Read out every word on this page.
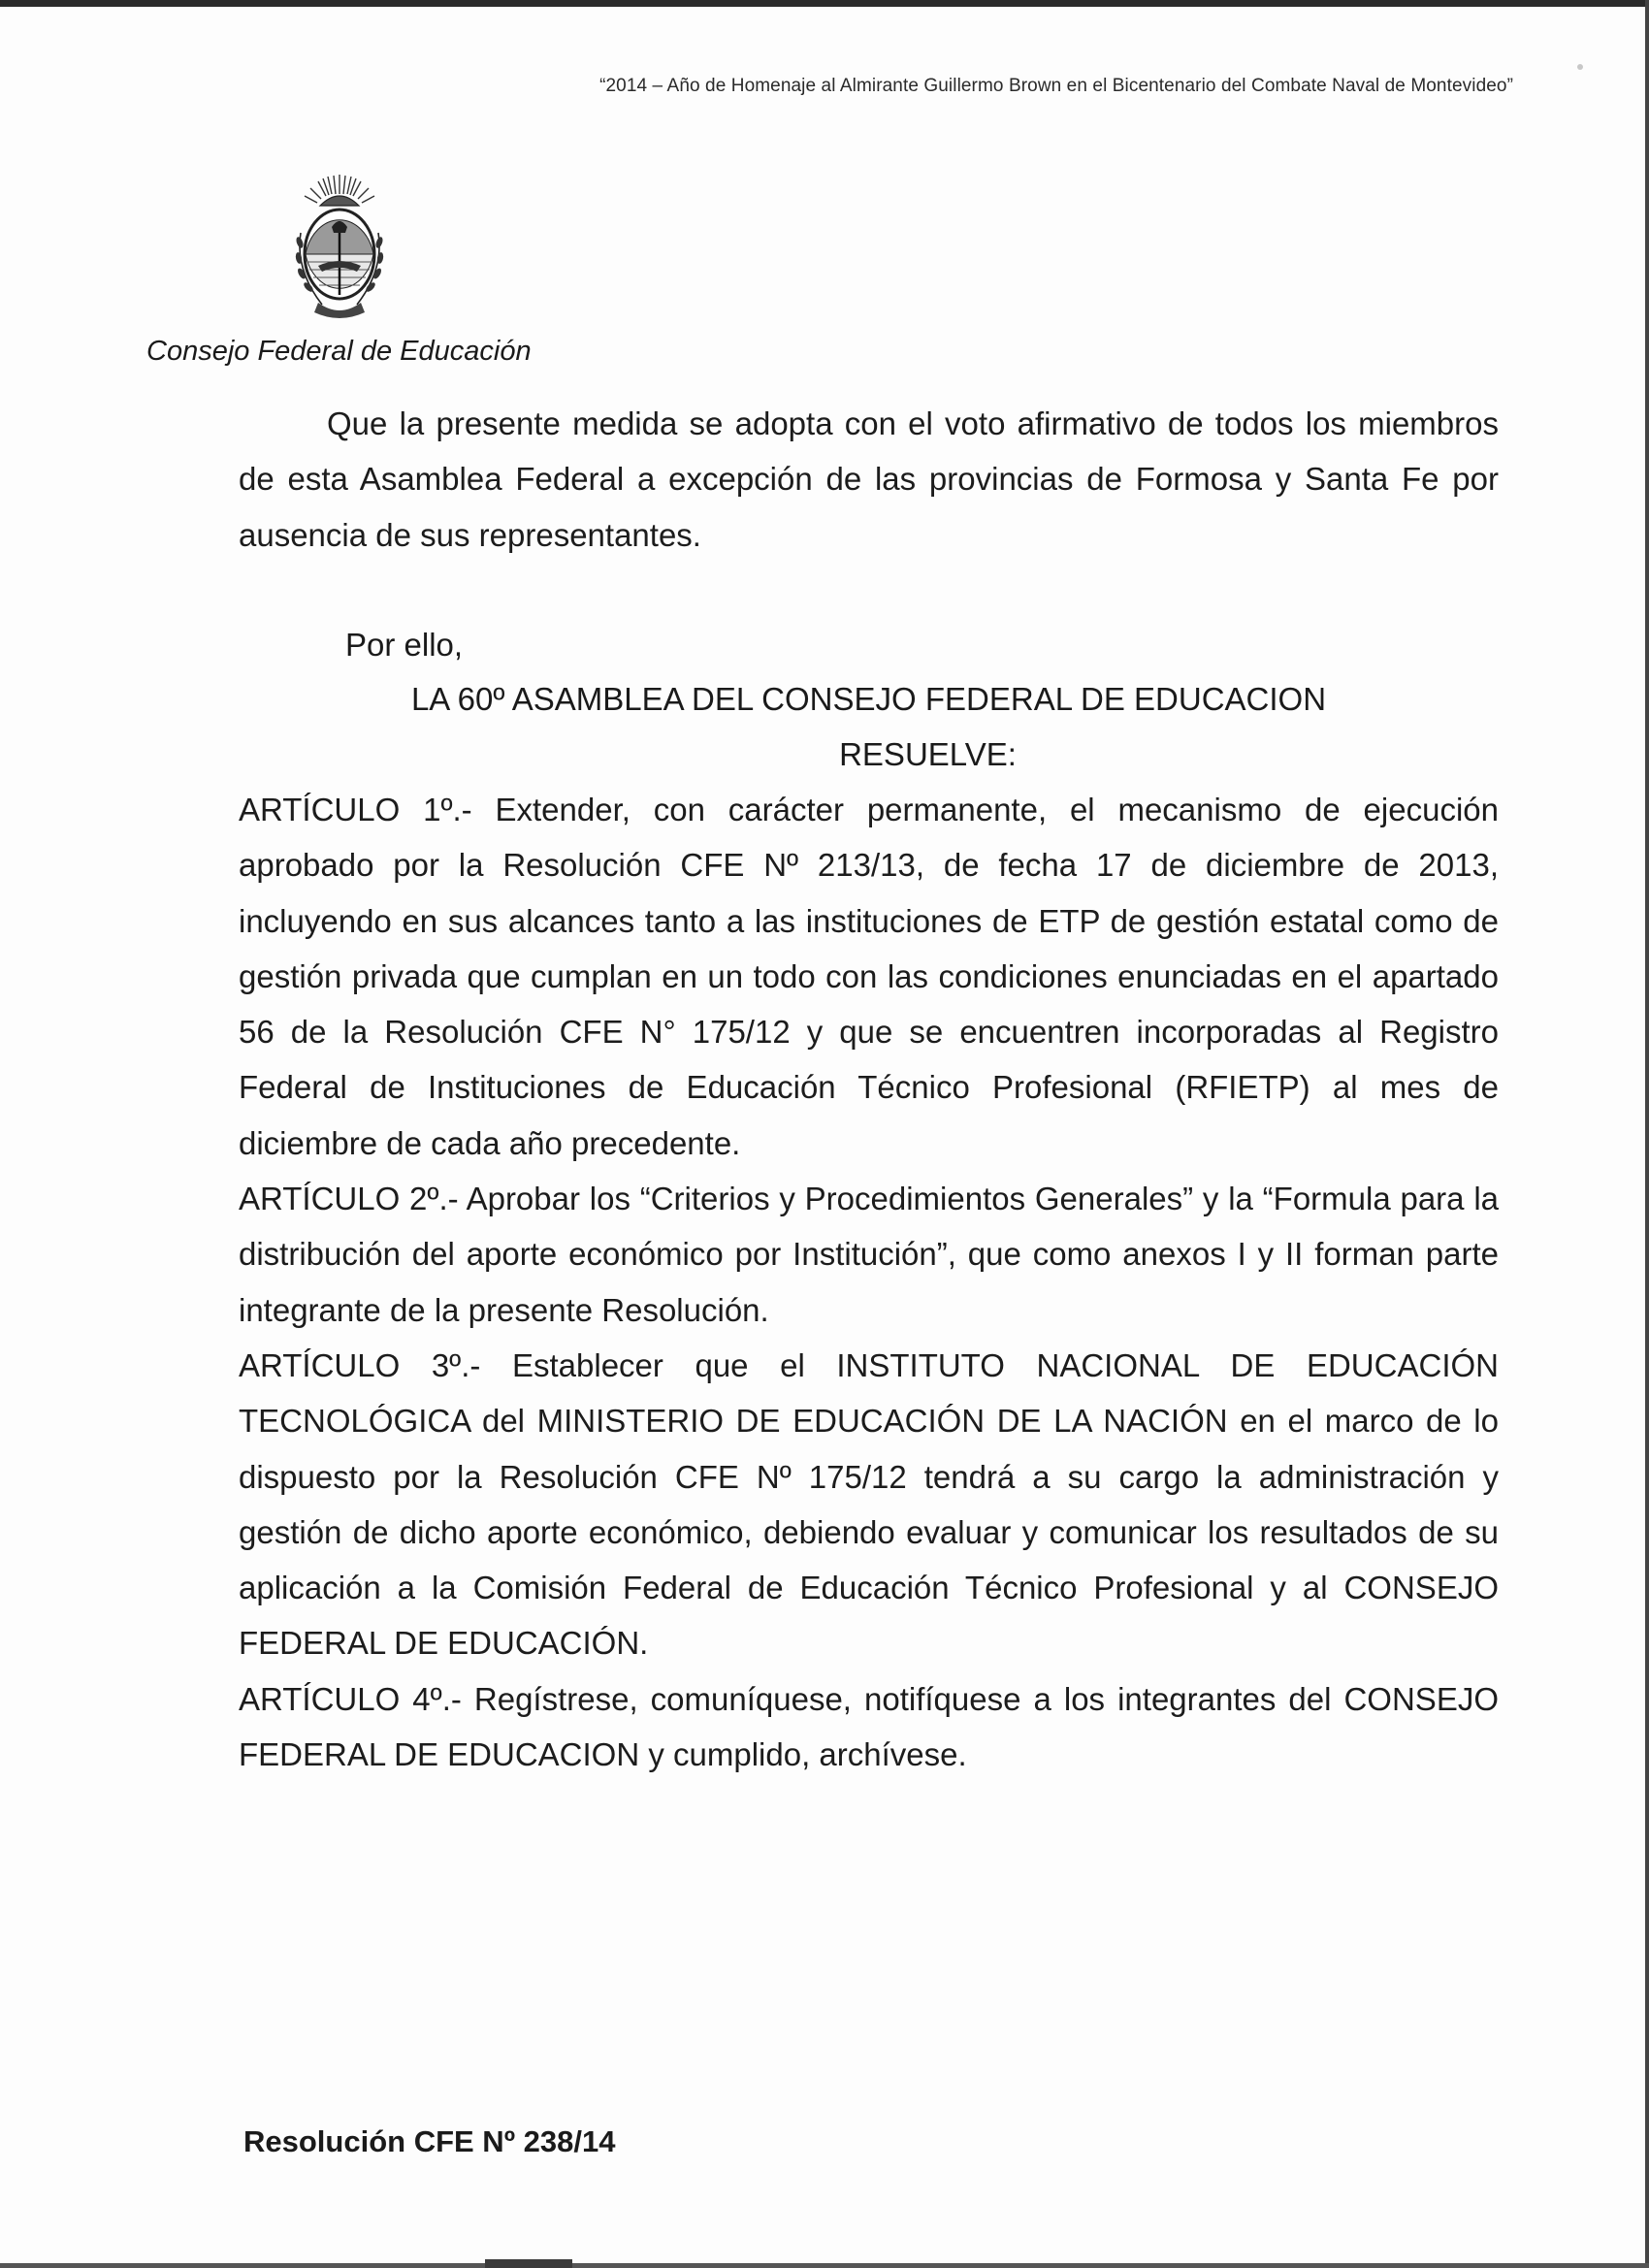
“2014 – Año de Homenaje al Almirante Guillermo Brown en el Bicentenario del Combate Naval de Montevideo”
Consejo Federal de Educación

Que la presente medida se adopta con el voto afirmativo de todos los miembros de esta Asamblea Federal a excepción de las provincias de Formosa y Santa Fe por ausencia de sus representantes.

Por ello,
LA 60º ASAMBLEA DEL CONSEJO FEDERAL DE EDUCACION
RESUELVE:

ARTÍCULO 1º.- Extender, con carácter permanente, el mecanismo de ejecución aprobado por la Resolución CFE Nº 213/13, de fecha 17 de diciembre de 2013, incluyendo en sus alcances tanto a las instituciones de ETP de gestión estatal como de gestión privada que cumplan en un todo con las condiciones enunciadas en el apartado 56 de la Resolución CFE N° 175/12 y que se encuentren incorporadas al Registro Federal de Instituciones de Educación Técnico Profesional (RFIETP) al mes de diciembre de cada año precedente.

ARTÍCULO 2º.- Aprobar los “Criterios y Procedimientos Generales” y la “Formula para la distribución del aporte económico por Institución”, que como anexos I y II forman parte integrante de la presente Resolución.

ARTÍCULO 3º.- Establecer que el INSTITUTO NACIONAL DE EDUCACIÓN TECNOLÓGICA del MINISTERIO DE EDUCACIÓN DE LA NACIÓN en el marco de lo dispuesto por la Resolución CFE Nº 175/12 tendrá a su cargo la administración y gestión de dicho aporte económico, debiendo evaluar y comunicar los resultados de su aplicación a la Comisión Federal de Educación Técnico Profesional y al CONSEJO FEDERAL DE EDUCACIÓN.

ARTÍCULO 4º.- Regístrese, comuníquese, notifíquese a los integrantes del CONSEJO FEDERAL DE EDUCACION y cumplido, archívese.

Resolución CFE Nº 238/14
